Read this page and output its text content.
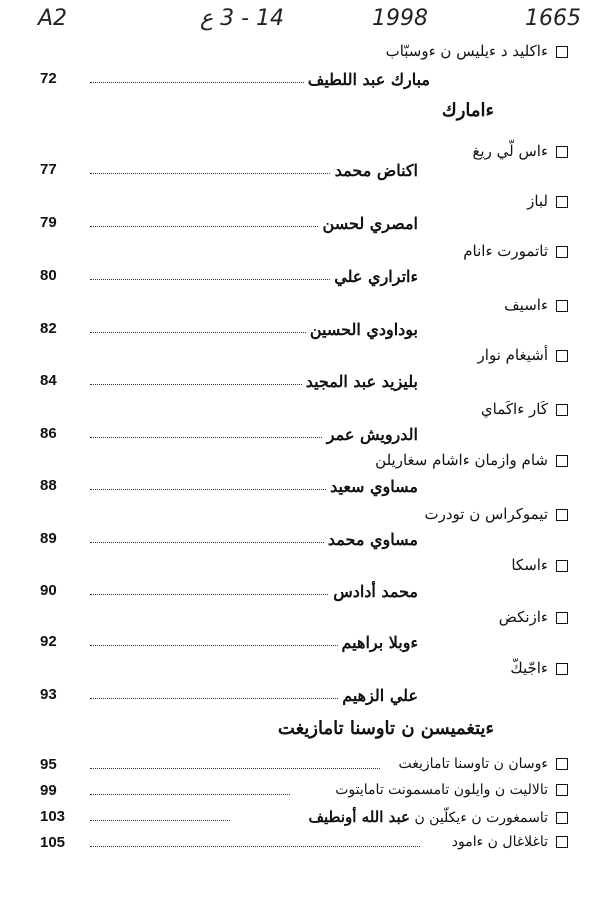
A2	14 - 3 ع	1998	1665
ءاكليد د ءيليس ن ءوسبّاب
72	مبارك عبد اللطيف
ءامارك
ءاس لّي ريغ
77	اكناض محمد
لباز
79	امصري لحسن
ثاتمورت ءانام
80	ءاتراري علي
ءاسيف
82	بوداودي الحسين
أشيغام نوار
84	بليزيد عبد المجيد
كَار ءاكَماي
86	الدرويش عمر
شام وازمان ءاشام سغاريلن
88	مساوي سعيد
تيموكراس ن تودرت
89	مساوي محمد
ءاسكا
90	محمد أدادس
ءازنكض
92	ءوبلا براهيم
ءاجّيكّ
93	علي الزهيم
ءيتغميسن ن تاوسنا تامازيغت
95	ءوسان ن تاوسنا تامازيغت
99	تالاليت ن وايلون تامسمونت تامايتوت
103	تاسمغورت ن ءيكلّين ن عبد الله أونطيف
105	تاغلاغال ن ءامود
